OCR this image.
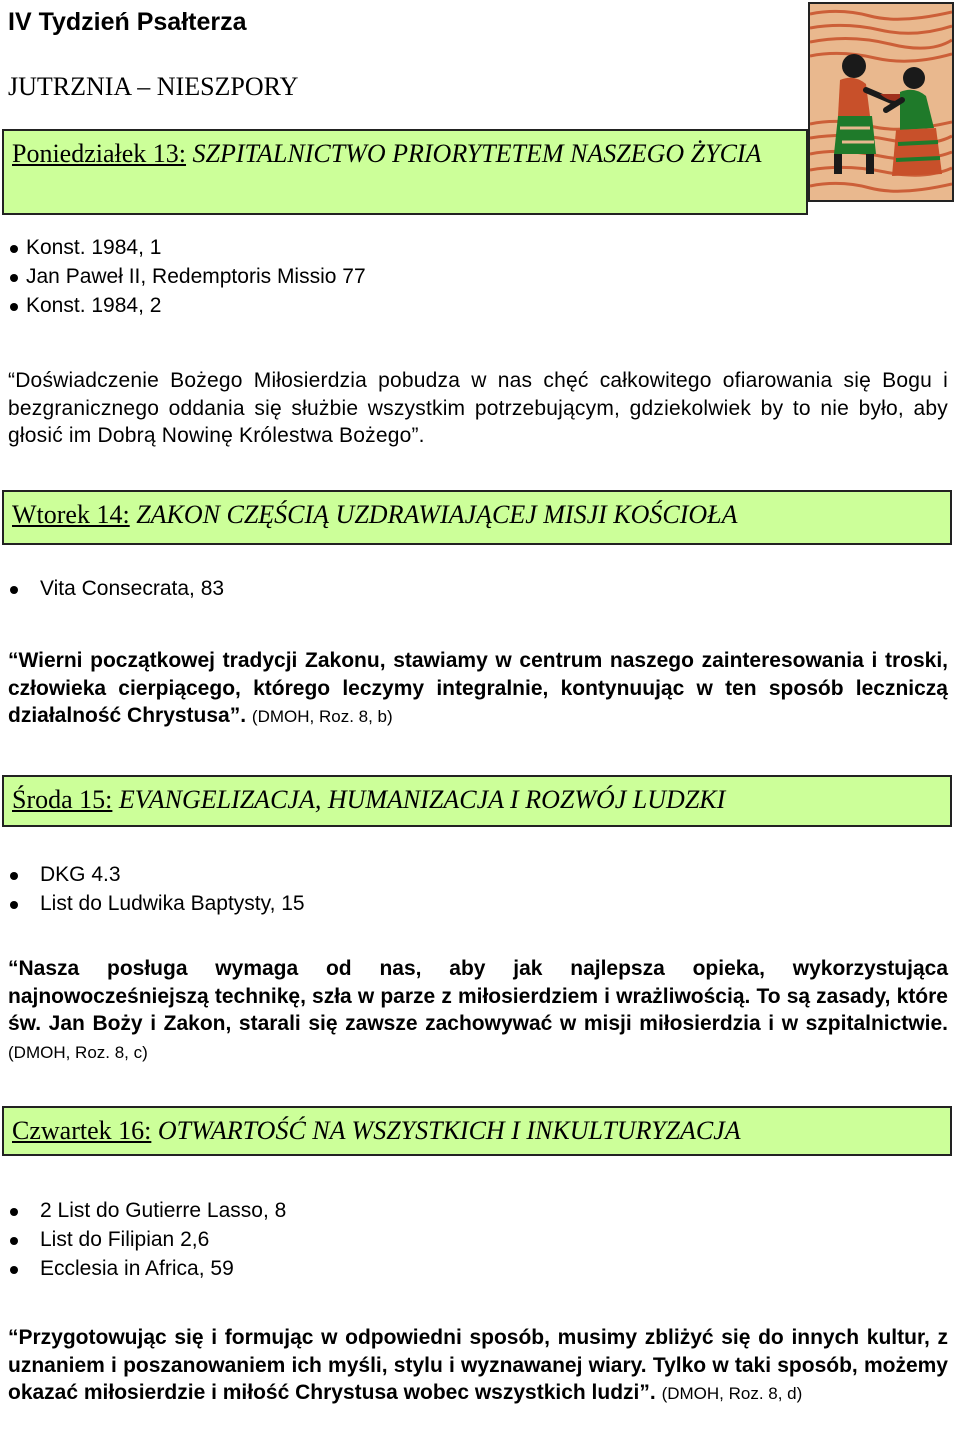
IV Tydzień Psałterza
JUTRZNIA – NIESZPORY
Poniedziałek 13: SZPITALNICTWO PRIORYTETEM NASZEGO ŻYCIA
Konst. 1984, 1
Jan Paweł II, Redemptoris Missio 77
Konst. 1984, 2

“Doświadczenie Bożego Miłosierdzia pobudza w nas chęć całkowitego ofiarowania się Bogu i bezgranicznego oddania się służbie wszystkim potrzebującym, gdziekolwiek by to nie było, aby głosić im Dobrą Nowinę Królestwa Bożego”.

Wtorek 14: ZAKON CZĘŚCIĄ UZDRAWIAJĄCEJ MISJI KOŚCIOŁA
Vita Consecrata, 83

“Wierni początkowej tradycji Zakonu, stawiamy w centrum naszego zainteresowania i troski, człowieka cierpiącego, którego leczymy integralnie, kontynuując w ten sposób leczniczą działalność Chrystusa”. (DMOH, Roz. 8, b)

Środa 15: EVANGELIZACJA, HUMANIZACJA I ROZWÓJ LUDZKI
DKG 4.3
List do Ludwika Baptysty, 15

“Nasza posługa wymaga od nas, aby jak najlepsza opieka, wykorzystująca najnowocześniejszą technikę, szła w parze z miłosierdziem i wrażliwością. To są zasady, które św. Jan Boży i Zakon, starali się zawsze zachowywać w misji miłosierdzia i w szpitalnictwie. (DMOH, Roz. 8, c)

Czwartek 16: OTWARTOŚĆ NA WSZYSTKICH I INKULTURYZACJA
2 List do Gutierre Lasso, 8
List do Filipian 2,6
Ecclesia in Africa, 59

“Przygotowując się i formując w odpowiedni sposób, musimy zbliżyć się do innych kultur, z uznaniem i poszanowaniem ich myśli, stylu i wyznawanej wiary. Tylko w taki sposób, możemy okazać miłosierdzie i miłość Chrystusa wobec wszystkich ludzi”. (DMOH, Roz. 8, d)
